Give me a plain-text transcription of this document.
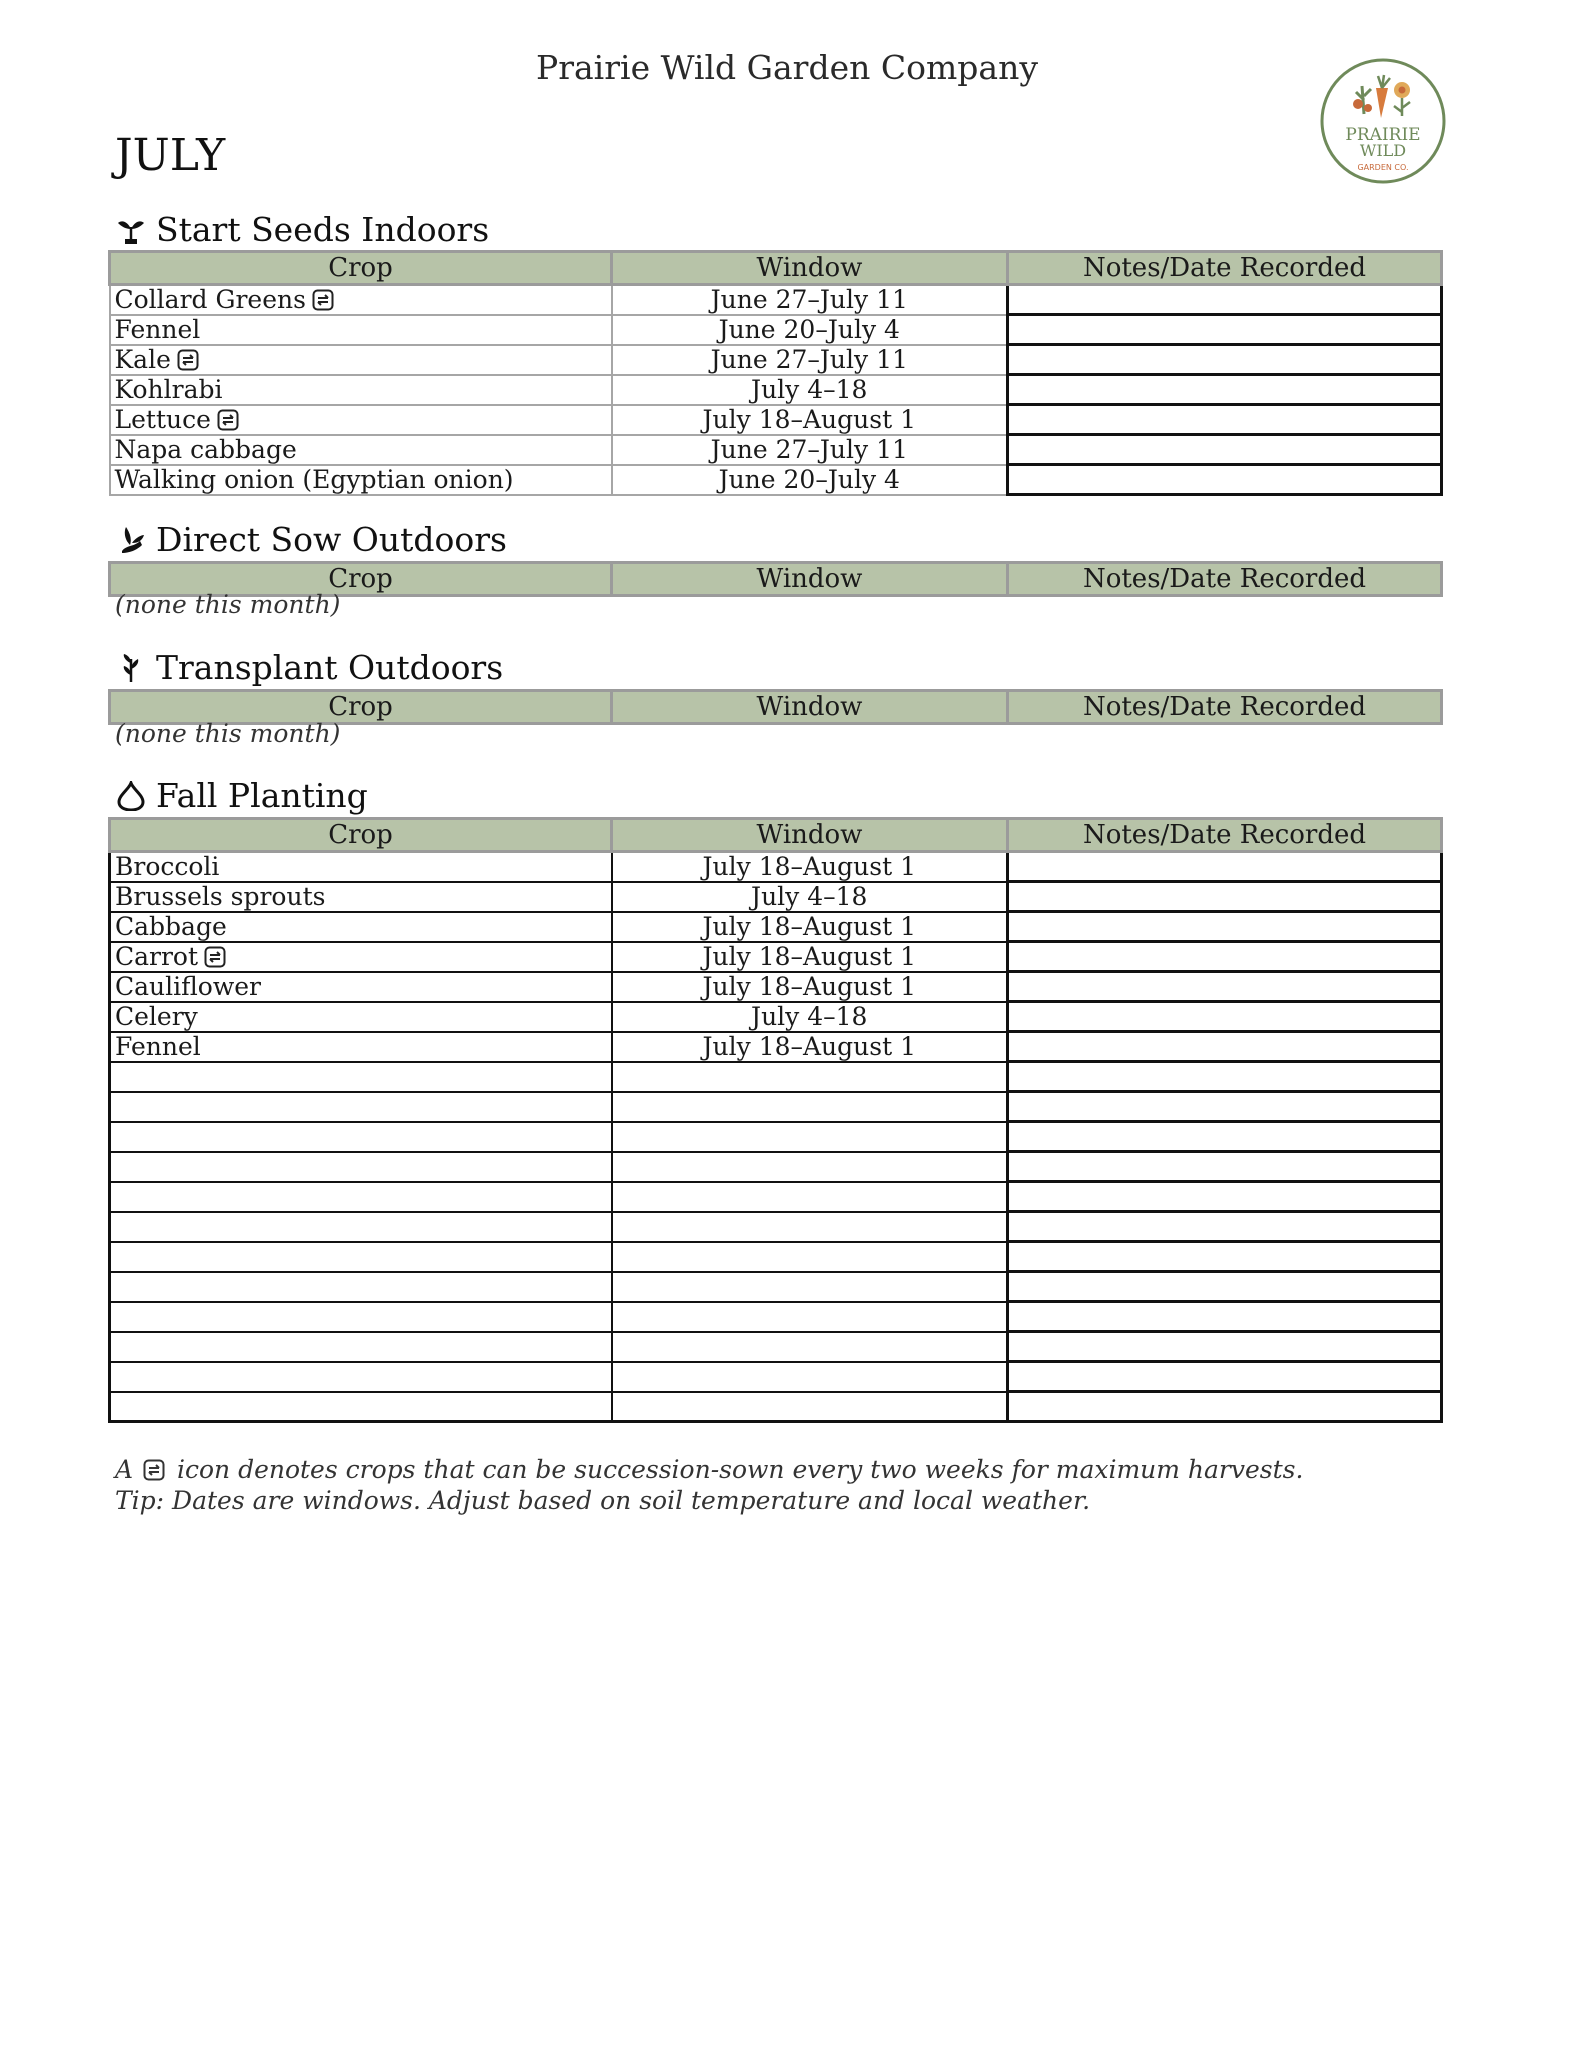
Prairie Wild Garden Company
JULY	PRAIRIE
WILD
GARDEN CO.
Start Seeds Indoors
Crop	Window	Notes/Date Recorded
Collard Greens	June 27–July 11	
Fennel	June 20–July 4	
Kale	June 27–July 11	
Kohlrabi	July 4–18	
Lettuce	July 18–August 1	
Napa cabbage	June 27–July 11	
Walking onion (Egyptian onion)	June 20–July 4	
Direct Sow Outdoors
Crop	Window	Notes/Date Recorded
(none this month)
Transplant Outdoors
Crop	Window	Notes/Date Recorded
(none this month)
Fall Planting
Crop	Window	Notes/Date Recorded
Broccoli	July 18–August 1	
Brussels sprouts	July 4–18	
Cabbage	July 18–August 1	
Carrot	July 18–August 1	
Cauliflower	July 18–August 1	
Celery	July 4–18	
Fennel	July 18–August 1	

A icon denotes crops that can be succession-sown every two weeks for maximum harvests.
Tip: Dates are windows. Adjust based on soil temperature and local weather.
